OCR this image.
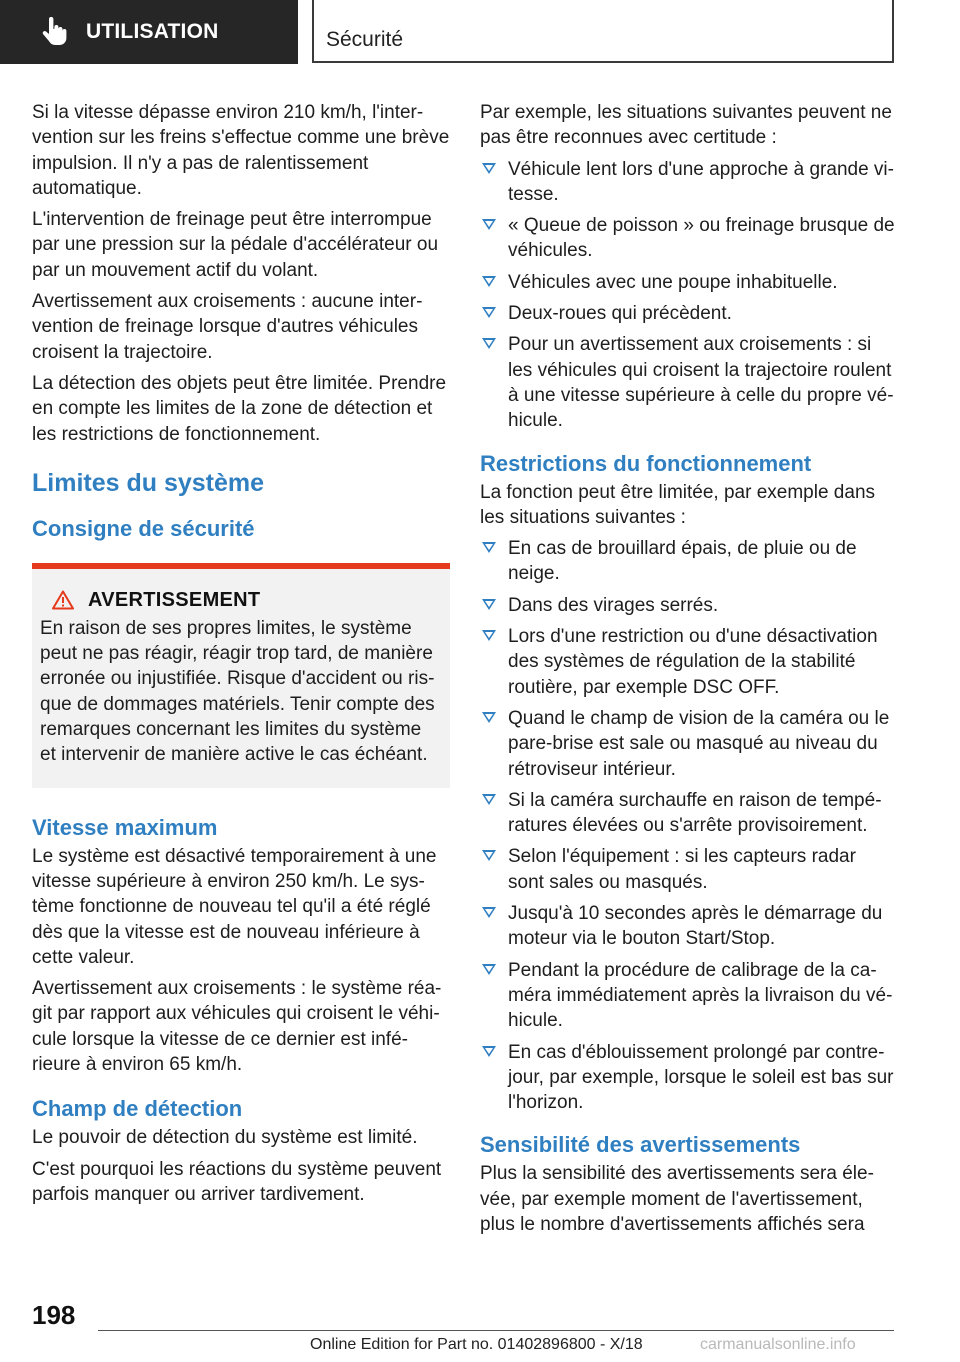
UTILISATION	Sécurité

Si la vitesse dépasse environ 210 km/h, l'intervention sur les freins s'effectue comme une brève impulsion. Il n'y a pas de ralentissement automatique.

L'intervention de freinage peut être interrompue par une pression sur la pédale d'accélérateur ou par un mouvement actif du volant.

Avertissement aux croisements : aucune intervention de freinage lorsque d'autres véhicules croisent la trajectoire.

La détection des objets peut être limitée. Prendre en compte les limites de la zone de détection et les restrictions de fonctionnement.

Limites du système
Consigne de sécurité
AVERTISSEMENT

En raison de ses propres limites, le système peut ne pas réagir, réagir trop tard, de manière erronée ou injustifiée. Risque d'accident ou risque de dommages matériels. Tenir compte des remarques concernant les limites du système et intervenir de manière active le cas échéant.

Vitesse maximum

Le système est désactivé temporairement à une vitesse supérieure à environ 250 km/h. Le système fonctionne de nouveau tel qu'il a été réglé dès que la vitesse est de nouveau inférieure à cette valeur.

Avertissement aux croisements : le système réagit par rapport aux véhicules qui croisent le véhicule lorsque la vitesse de ce dernier est inférieure à environ 65 km/h.

Champ de détection

Le pouvoir de détection du système est limité.

C'est pourquoi les réactions du système peuvent parfois manquer ou arriver tardivement.

Par exemple, les situations suivantes peuvent ne pas être reconnues avec certitude :

Véhicule lent lors d'une approche à grande vitesse.
« Queue de poisson » ou freinage brusque de véhicules.
Véhicules avec une poupe inhabituelle.
Deux-roues qui précèdent.
Pour un avertissement aux croisements : si les véhicules qui croisent la trajectoire roulent à une vitesse supérieure à celle du propre véhicule.
Restrictions du fonctionnement

La fonction peut être limitée, par exemple dans les situations suivantes :

En cas de brouillard épais, de pluie ou de neige.
Dans des virages serrés.
Lors d'une restriction ou d'une désactivation des systèmes de régulation de la stabilité routière, par exemple DSC OFF.
Quand le champ de vision de la caméra ou le pare-brise est sale ou masqué au niveau du rétroviseur intérieur.
Si la caméra surchauffe en raison de températures élevées ou s'arrête provisoirement.
Selon l'équipement : si les capteurs radar sont sales ou masqués.
Jusqu'à 10 secondes après le démarrage du moteur via le bouton Start/Stop.
Pendant la procédure de calibrage de la caméra immédiatement après la livraison du véhicule.
En cas d'éblouissement prolongé par contre-jour, par exemple, lorsque le soleil est bas sur l'horizon.
Sensibilité des avertissements

Plus la sensibilité des avertissements sera élevée, par exemple moment de l'avertissement, plus le nombre d'avertissements affichés sera

198
Online Edition for Part no. 01402896800 - X/18	carmanualsonline.info
